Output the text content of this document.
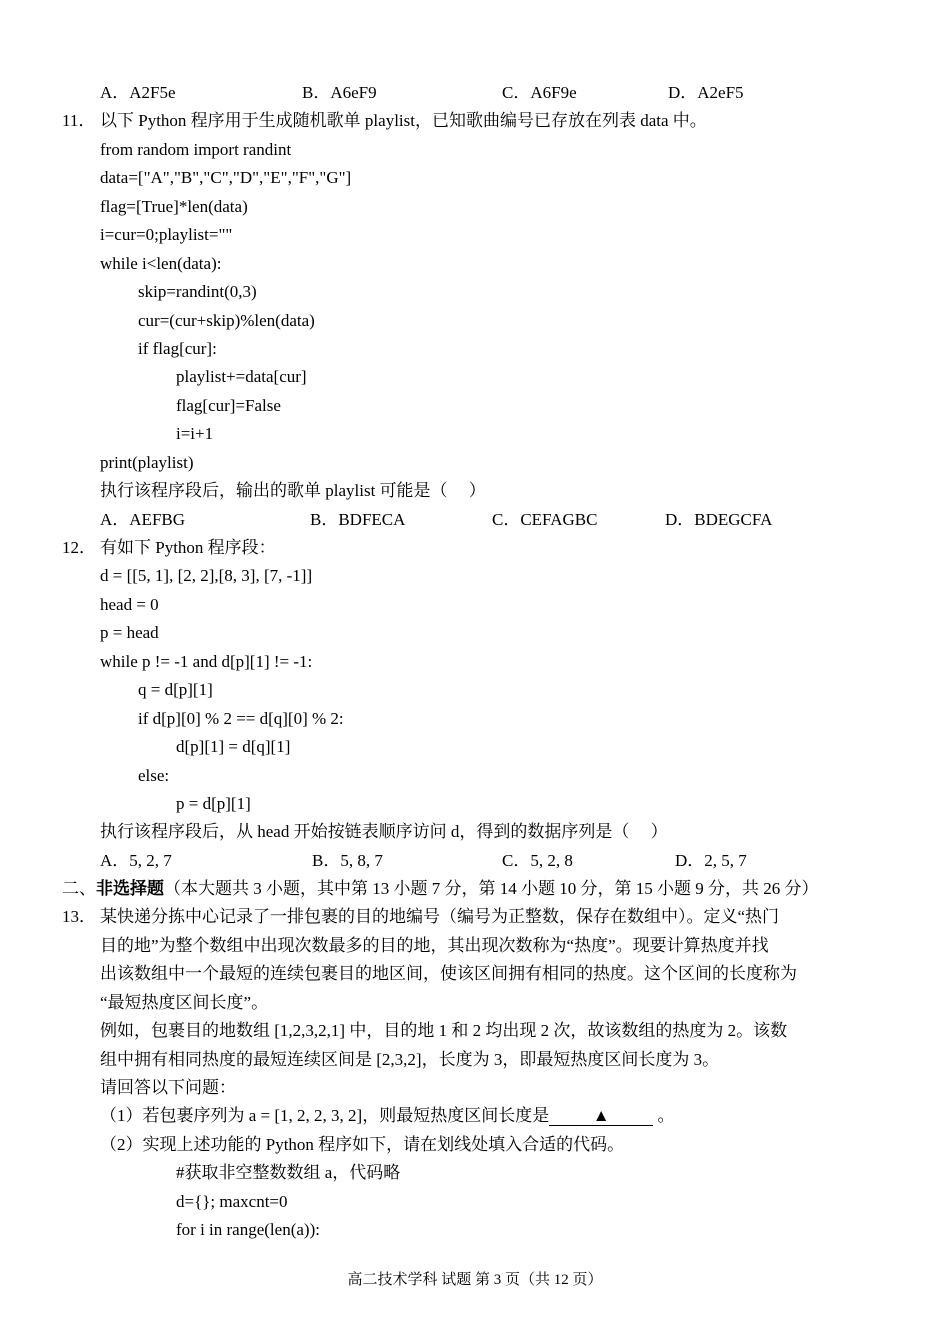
A．A2F5e	B．A6eF9	C．A6F9e	D．A2eF5
11． 以下 Python 程序用于生成随机歌单 playlist，已知歌曲编号已存放在列表 data 中。
from random import randint
data=["A","B","C","D","E","F","G"]
flag=[True]*len(data)
i=cur=0;playlist=""
while i<len(data):
skip=randint(0,3)
cur=(cur+skip)%len(data)
if flag[cur]:
playlist+=data[cur]
flag[cur]=False
i=i+1
print(playlist)
执行该程序段后，输出的歌单 playlist 可能是（　 ）
A．AEFBG	B．BDFECA	C．CEFAGBC	D．BDEGCFA
12． 有如下 Python 程序段：
d = [[5, 1], [2, 2],[8, 3], [7, -1]]
head = 0
p = head
while p != -1 and d[p][1] != -1:
q = d[p][1]
if d[p][0] % 2 == d[q][0] % 2:
d[p][1] = d[q][1]
else:
p = d[p][1]
执行该程序段后，从 head 开始按链表顺序访问 d，得到的数据序列是（　 ）
A．5, 2, 7	B．5, 8, 7	C．5, 2, 8	D．2, 5, 7
二、非选择题（本大题共 3 小题，其中第 13 小题 7 分，第 14 小题 10 分，第 15 小题 9 分，共 26 分）
13． 某快递分拣中心记录了一排包裹的目的地编号（编号为正整数，保存在数组中）。定义“热门
目的地”为整个数组中出现次数最多的目的地，其出现次数称为“热度”。现要计算热度并找
出该数组中一个最短的连续包裹目的地区间，使该区间拥有相同的热度。这个区间的长度称为
“最短热度区间长度”。
例如，包裹目的地数组 [1,2,3,2,1] 中，目的地 1 和 2 均出现 2 次，故该数组的热度为 2。该数
组中拥有相同热度的最短连续区间是 [2,3,2]，长度为 3，即最短热度区间长度为 3。
请回答以下问题：
（1）若包裹序列为 a = [1, 2, 2, 3, 2]，则最短热度区间长度是	▲	。
（2）实现上述功能的 Python 程序如下，请在划线处填入合适的代码。
#获取非空整数数组 a，代码略
d={}; maxcnt=0
for i in range(len(a)):
高二技术学科 试题 第 3 页（共 12 页）
